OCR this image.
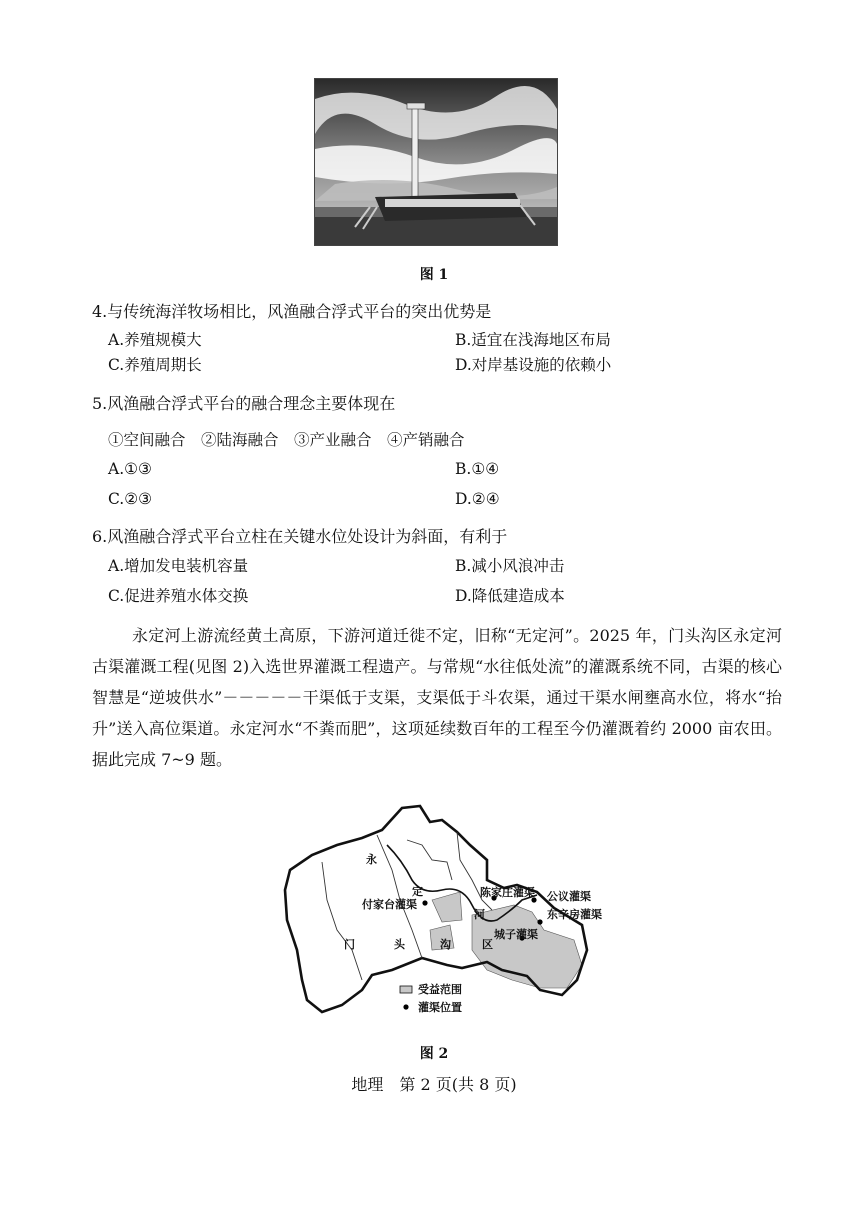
图 1
4.与传统海洋牧场相比，风渔融合浮式平台的突出优势是
A.养殖规模大	B.适宜在浅海地区布局
C.养殖周期长	D.对岸基设施的依赖小
5.风渔融合浮式平台的融合理念主要体现在
①空间融合　②陆海融合　③产业融合　④产销融合
A.①③	B.①④
C.②③	D.②④
6.风渔融合浮式平台立柱在关键水位处设计为斜面，有利于
A.增加发电装机容量	B.减小风浪冲击
C.促进养殖水体交换	D.降低建造成本
永定河上游流经黄土高原，下游河道迁徙不定，旧称“无定河”。2025 年，门头沟区永定河古渠灌溉工程(见图 2)入选世界灌溉工程遗产。与常规“水往低处流”的灌溉系统不同，古渠的核心智慧是“逆坡供水”－－－－－干渠低于支渠，支渠低于斗农渠，通过干渠水闸壅高水位，将水“抬升”送入高位渠道。永定河水“不粪而肥”，这项延续数百年的工程至今仍灌溉着约 2000 亩农田。据此完成 7~9 题。
永
定
河
门	头	沟	区
付家台灌渠
城子灌渠
陈家庄灌渠
东辛房灌渠
公议灌渠
受益范围
灌渠位置
图 2
地理　第 2 页(共 8 页)
